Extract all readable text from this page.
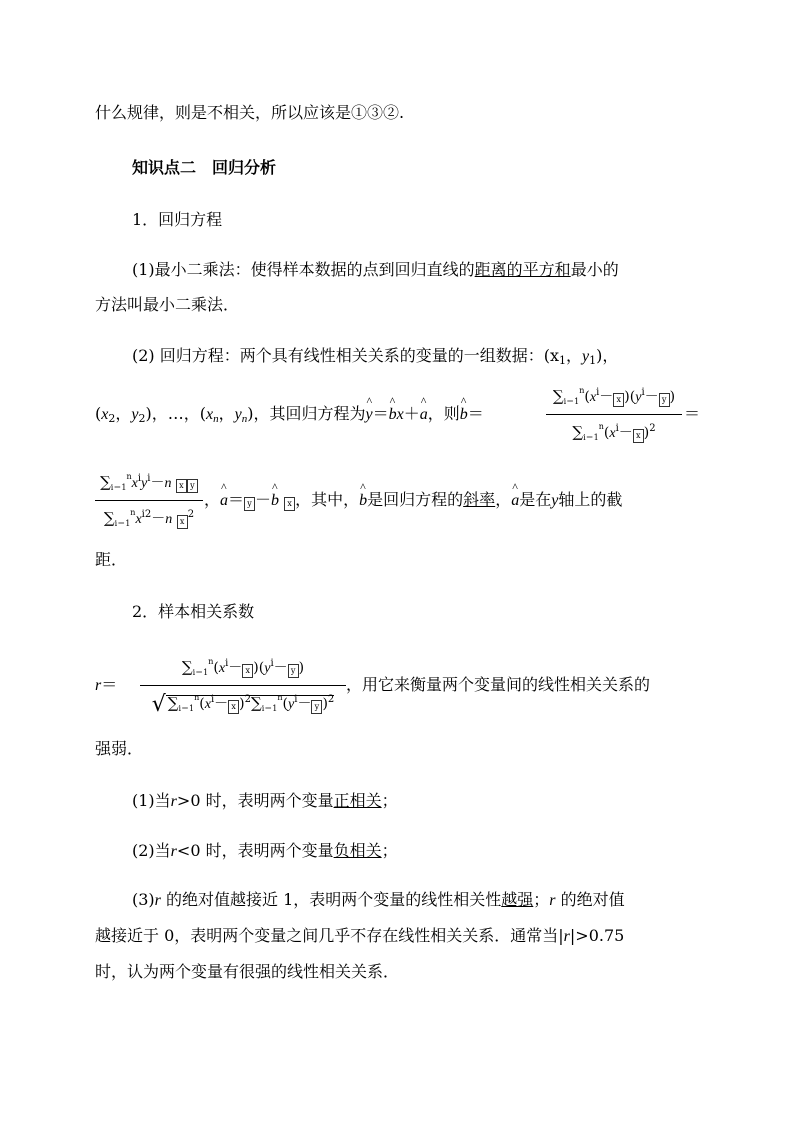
什么规律，则是不相关，所以应该是①③②.
知识点二　回归分析
1．回归方程
(1)最小二乘法：使得样本数据的点到回归直线的距离的平方和最小的
方法叫最小二乘法．
(2) 回归方程：两个具有线性相关关系的变量的一组数据：($x_1$，$y_1$)，
($x_2$，$y_2$)，…，($x_n$，$y_n$)，其回归方程为^ y＝^ bx＋^ a，则^ b＝
$\sum_{i=1}^n(x^i- x$ )($y^i- y$ )
$\sum_{i=1}^n(x^i- x$ )$^2$
＝
$\sum_{i=1}^nx^iy^i-n$ x y
$\sum_{i=1}^nx^{i2}-n$ $x^2$
，^ a＝ y －^ b x ，其中，^ b是回归方程的斜率，^ a是在y轴上的截
距．
2．样本相关系数
r＝
$\sum_{i=1}^n(x^i- x$ )($y^i- y$ )
√ $\sum_{i=1}^n(x^i- x$ )$^2\sum_{i=1}^n(y^i- y$ )$^2$
，用它来衡量两个变量间的线性相关关系的
强弱．
(1)当r>0 时，表明两个变量正相关；
(2)当r<0 时，表明两个变量负相关；
(3)r 的绝对值越接近 1，表明两个变量的线性相关性越强；r 的绝对值
越接近于 0，表明两个变量之间几乎不存在线性相关关系．通常当|r|>0.75
时，认为两个变量有很强的线性相关关系．
